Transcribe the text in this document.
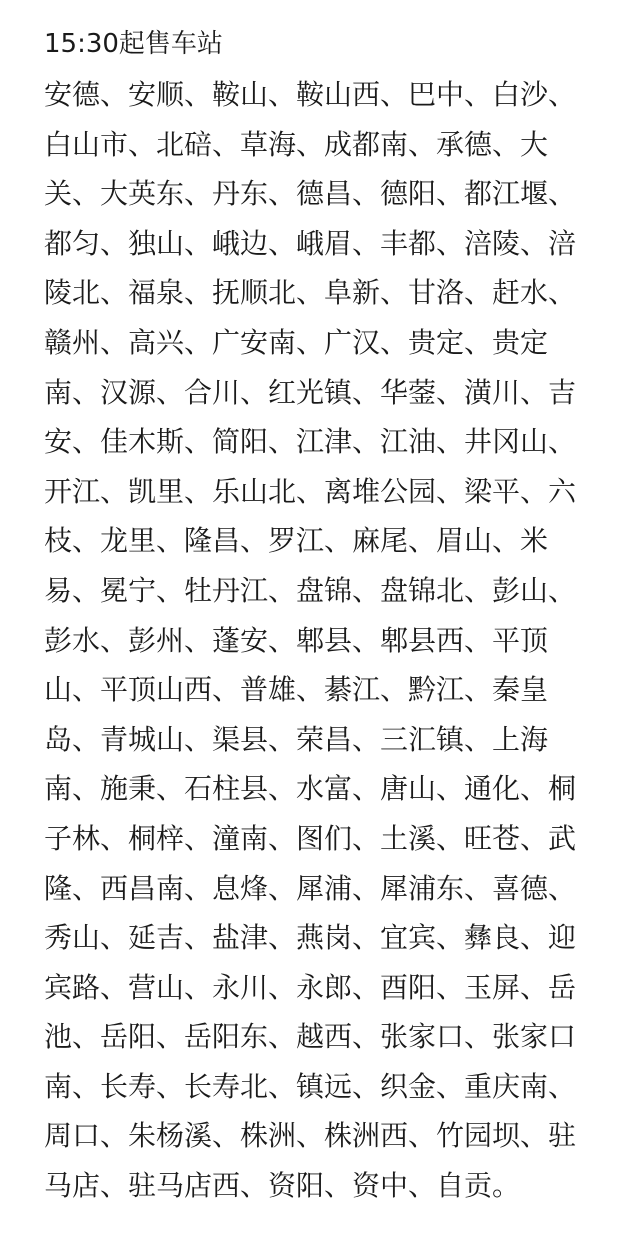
15:30起售车站
安德、安顺、鞍山、鞍山西、巴中、白沙、
白山市、北碚、草海、成都南、承德、大
关、大英东、丹东、德昌、德阳、都江堰、
都匀、独山、峨边、峨眉、丰都、涪陵、涪
陵北、福泉、抚顺北、阜新、甘洛、赶水、
赣州、高兴、广安南、广汉、贵定、贵定
南、汉源、合川、红光镇、华蓥、潢川、吉
安、佳木斯、简阳、江津、江油、井冈山、
开江、凯里、乐山北、离堆公园、梁平、六
枝、龙里、隆昌、罗江、麻尾、眉山、米
易、冕宁、牡丹江、盘锦、盘锦北、彭山、
彭水、彭州、蓬安、郫县、郫县西、平顶
山、平顶山西、普雄、綦江、黔江、秦皇
岛、青城山、渠县、荣昌、三汇镇、上海
南、施秉、石柱县、水富、唐山、通化、桐
子林、桐梓、潼南、图们、土溪、旺苍、武
隆、西昌南、息烽、犀浦、犀浦东、喜德、
秀山、延吉、盐津、燕岗、宜宾、彝良、迎
宾路、营山、永川、永郎、酉阳、玉屏、岳
池、岳阳、岳阳东、越西、张家口、张家口
南、长寿、长寿北、镇远、织金、重庆南、
周口、朱杨溪、株洲、株洲西、竹园坝、驻
马店、驻马店西、资阳、资中、自贡。
